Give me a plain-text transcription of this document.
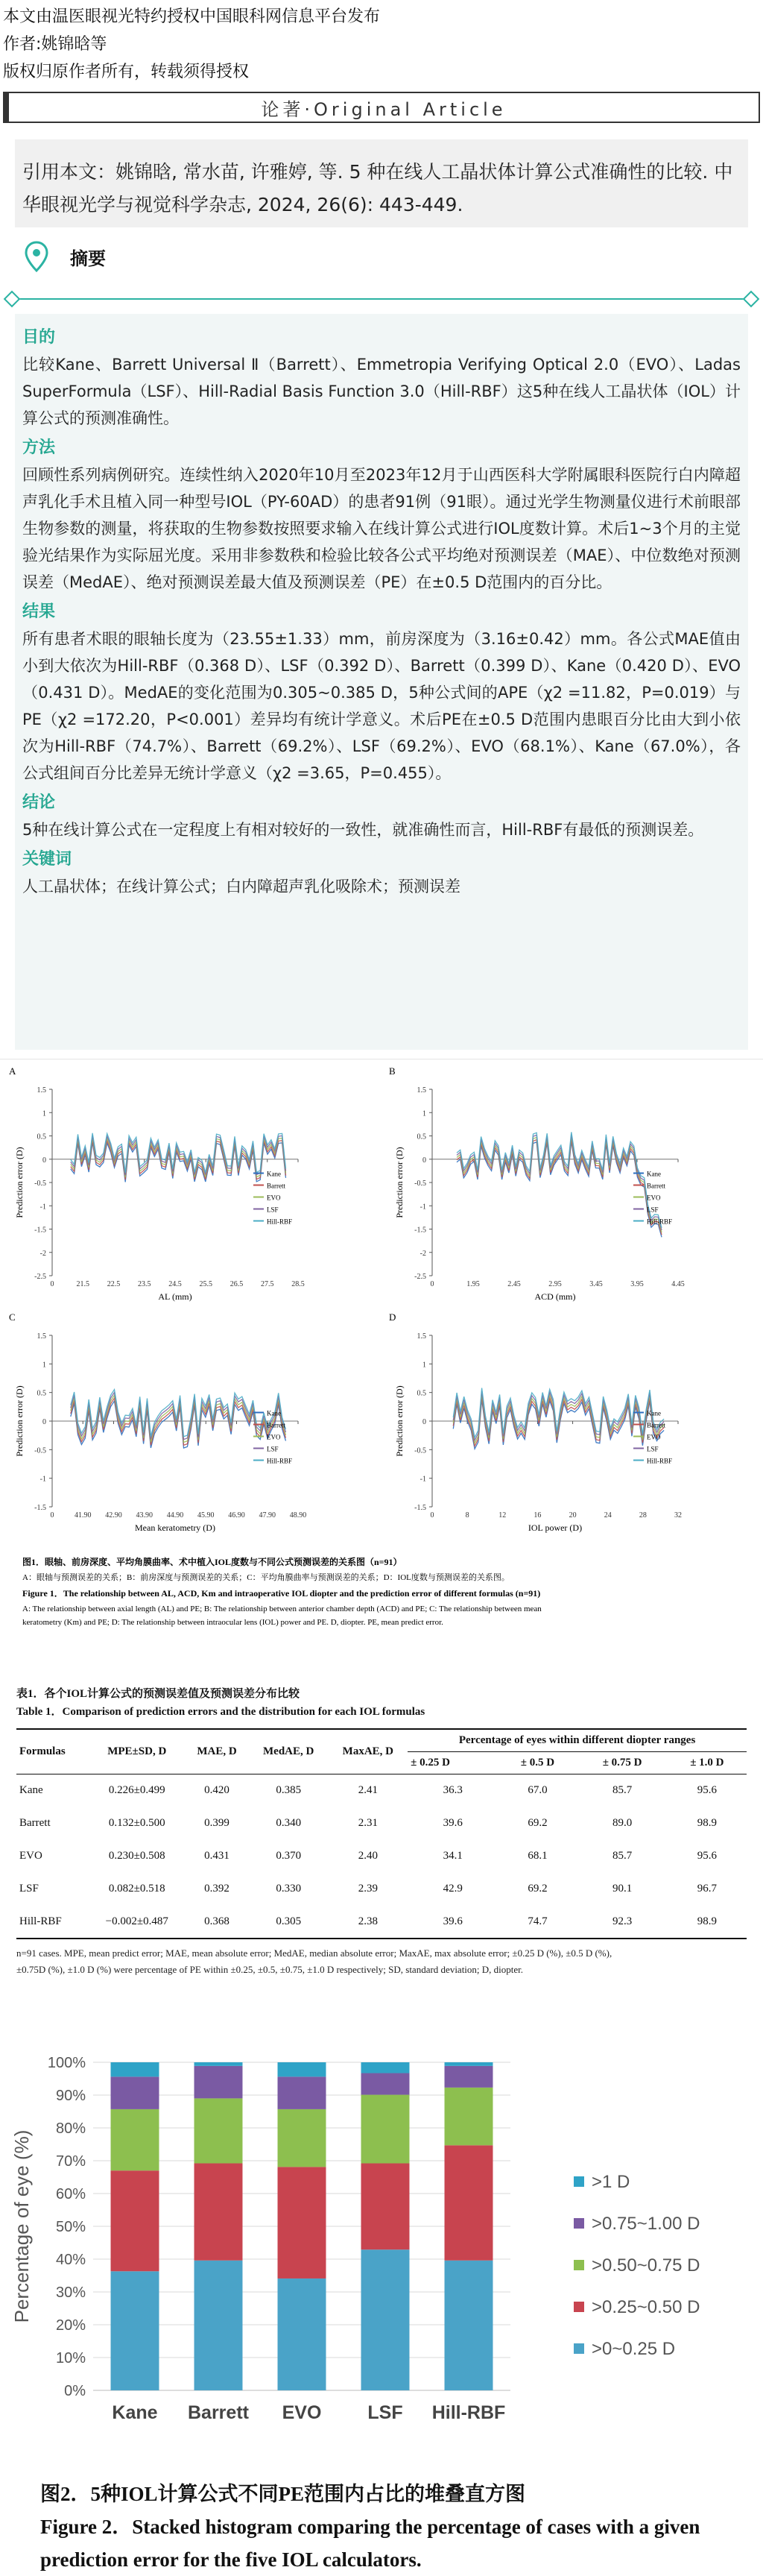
本文由温医眼视光特约授权中国眼科网信息平台发布
作者:姚锦晗等
版权归原作者所有，转载须得授权
论著·Original Article
引用本文：姚锦晗, 常水苗, 许雅婷, 等. 5 种在线人工晶状体计算公式准确性的比较. 中华眼视光学与视觉科学杂志, 2024, 26(6): 443-449.
摘要
目的

比较Kane、Barrett Universal Ⅱ（Barrett）、Emmetropia Verifying Optical 2.0（EVO）、Ladas SuperFormula（LSF）、Hill-Radial Basis Function 3.0（Hill-RBF）这5种在线人工晶状体（IOL）计算公式的预测准确性。

方法

回顾性系列病例研究。连续性纳入2020年10月至2023年12月于山西医科大学附属眼科医院行白内障超声乳化手术且植入同一种型号IOL（PY-60AD）的患者91例（91眼）。通过光学生物测量仪进行术前眼部生物参数的测量，将获取的生物参数按照要求输入在线计算公式进行IOL度数计算。术后1~3个月的主觉验光结果作为实际屈光度。采用非参数秩和检验比较各公式平均绝对预测误差（MAE）、中位数绝对预测误差（MedAE）、绝对预测误差最大值及预测误差（PE）在±0.5 D范围内的百分比。

结果

所有患者术眼的眼轴长度为（23.55±1.33）mm，前房深度为（3.16±0.42）mm。各公式MAE值由小到大依次为Hill-RBF（0.368 D）、LSF（0.392 D）、Barrett（0.399 D）、Kane（0.420 D）、EVO（0.431 D）。MedAE的变化范围为0.305~0.385 D，5种公式间的APE（χ2 =11.82，P=0.019）与PE（χ2 =172.20，P<0.001）差异均有统计学意义。术后PE在±0.5 D范围内患眼百分比由大到小依次为Hill-RBF（74.7%）、Barrett（69.2%）、LSF（69.2%）、EVO（68.1%）、Kane（67.0%），各公式组间百分比差异无统计学意义（χ2 =3.65，P=0.455）。

结论

5种在线计算公式在一定程度上有相对较好的一致性，就准确性而言，Hill-RBF有最低的预测误差。

关键词

人工晶状体；在线计算公式；白内障超声乳化吸除术；预测误差

A
1.5
1
0.5
0
-0.5
-1
-1.5
-2
-2.5
0	21.5 22.5 23.5 24.5 25.5 26.5 27.5 28.5
AL (mm)
Prediction error (D)	Kane
Barrett
EVO
LSF
Hill-RBF
B
1.5
1
0.5
0
-0.5
-1
-1.5
-2
-2.5
0	1.95	2.45	2.95	3.45	3.95	4.45
ACD (mm)
Prediction error (D)	Kane
Barrett
EVO
LSF
Hill-RBF
C
1.5
1
0.5
0
-0.5
-1
-1.5
0	41.90 42.90 43.90 44.90 45.90 46.90 47.90 48.90
Mean keratometry (D)
Prediction error (D)	Kane
Barrett
EVO
LSF
Hill-RBF
D
1.5
1
0.5
0
-0.5
-1
-1.5
0	8	12	16	20	24	28	32
IOL power (D)
Prediction error (D)	Kane
Barrett
EVO
LSF
Hill-RBF
图1．眼轴、前房深度、平均角膜曲率、术中植入IOL度数与不同公式预测误差的关系图（n=91）
A：眼轴与预测误差的关系；B：前房深度与预测误差的关系；C：平均角膜曲率与预测误差的关系；D：IOL度数与预测误差的关系图。
Figure 1．The relationship between AL, ACD, Km and intraoperative IOL diopter and the prediction error of different formulas (n=91)
A: The relationship between axial length (AL) and PE; B: The relationship between anterior chamber depth (ACD) and PE; C: The relationship between mean
keratometry (Km) and PE; D: The relationship between intraocular lens (IOL) power and PE. D, diopter. PE, mean predict error.
表1．各个IOL计算公式的预测误差值及预测误差分布比较
Table 1．Comparison of prediction errors and the distribution for each IOL formulas
Formulas	MPE±SD, D	MAE, D	MedAE, D	MaxAE, D	Percentage of eyes within different diopter ranges			
					± 0.25 D	± 0.5 D	± 0.75 D	± 1.0 D
Kane	0.226±0.499	0.420	0.385	2.41	36.3	67.0	85.7	95.6
Barrett	0.132±0.500	0.399	0.340	2.31	39.6	69.2	89.0	98.9
EVO	0.230±0.508	0.431	0.370	2.40	34.1	68.1	85.7	95.6
LSF	0.082±0.518	0.392	0.330	2.39	42.9	69.2	90.1	96.7
Hill-RBF	−0.002±0.487	0.368	0.305	2.38	39.6	74.7	92.3	98.9
n=91 cases. MPE, mean predict error; MAE, mean absolute error; MedAE, median absolute error; MaxAE, max absolute error; ±0.25 D (%), ±0.5 D (%),
±0.75D (%), ±1.0 D (%) were percentage of PE within ±0.25, ±0.5, ±0.75, ±1.0 D respectively; SD, standard deviation; D, diopter.
0%
10%
20%
30%
40%
50%
60%
70%
80%
90%
100%
Percentage of eye (%)
Kane Barrett EVO LSF Hill-RBF
>1 D
>0.75~1.00 D
>0.50~0.75 D
>0.25~0.50 D
>0~0.25 D
图2．5种IOL计算公式不同PE范围内占比的堆叠直方图
Figure 2．Stacked histogram comparing the percentage of cases with a given prediction error for the five IOL calculators.
